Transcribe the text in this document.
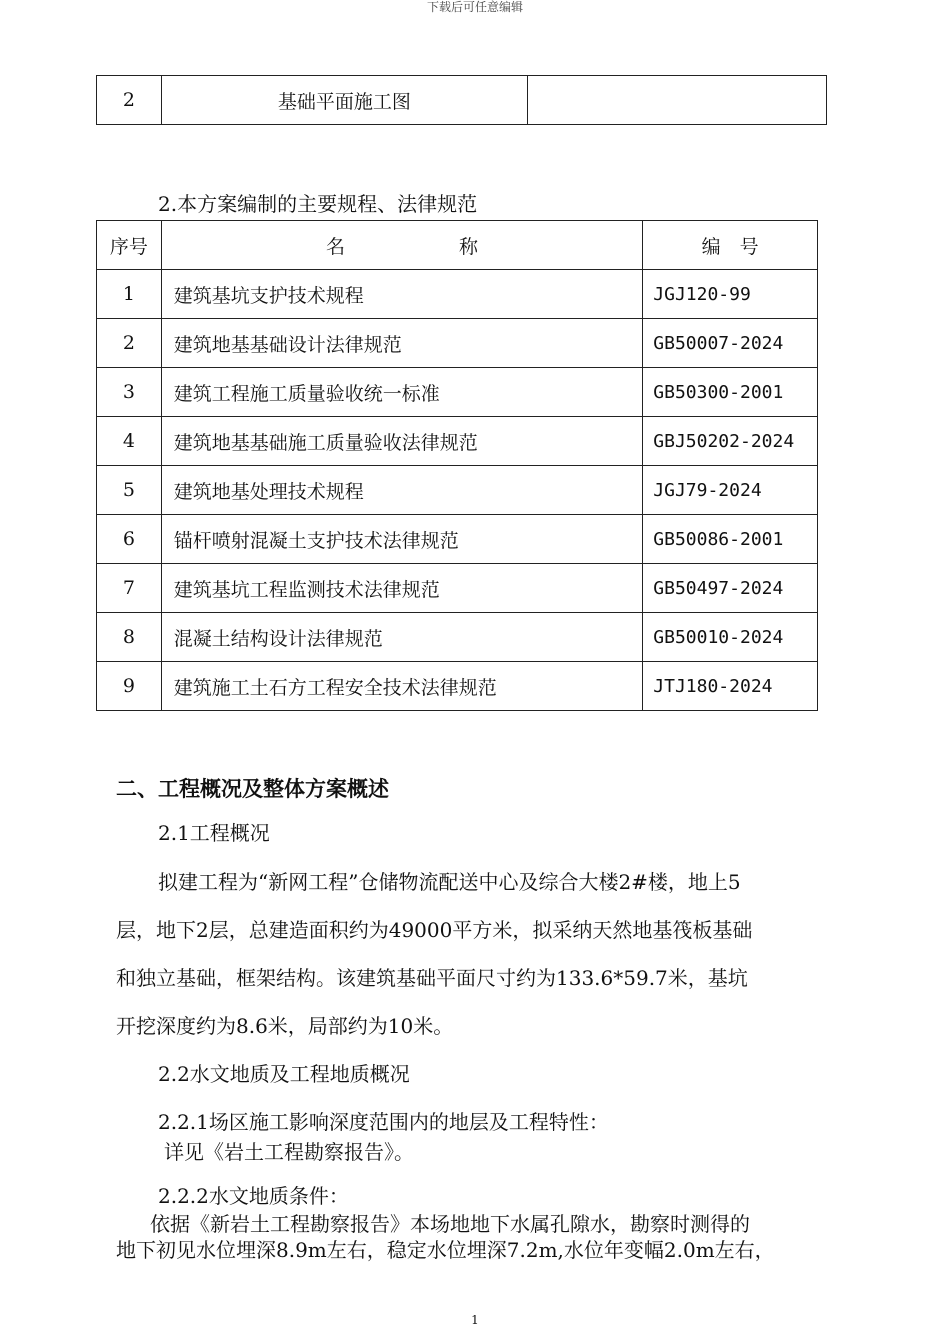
下载后可任意编辑
2	基础平面施工图	
2.本方案编制的主要规程、法律规范
序号	名　　　　　　称	编　号
1	建筑基坑支护技术规程	JGJ120-99
2	建筑地基基础设计法律规范	GB50007-2024
3	建筑工程施工质量验收统一标准	GB50300-2001
4	建筑地基基础施工质量验收法律规范	GBJ50202-2024
5	建筑地基处理技术规程	JGJ79-2024
6	锚杆喷射混凝土支护技术法律规范	GB50086-2001
7	建筑基坑工程监测技术法律规范	GB50497-2024
8	混凝土结构设计法律规范	GB50010-2024
9	建筑施工土石方工程安全技术法律规范	JTJ180-2024
二、工程概况及整体方案概述
2.1工程概况
拟建工程为“新网工程”仓储物流配送中心及综合大楼2#楼，地上5
层，地下2层，总建造面积约为49000平方米，拟采纳天然地基筏板基础
和独立基础，框架结构。该建筑基础平面尺寸约为133.6*59.7米，基坑
开挖深度约为8.6米，局部约为10米。
2.2水文地质及工程地质概况
2.2.1场区施工影响深度范围内的地层及工程特性：
详见《岩土工程勘察报告》。
2.2.2水文地质条件：
依据《新岩土工程勘察报告》本场地地下水属孔隙水，勘察时测得的
地下初见水位埋深8.9m左右，稳定水位埋深7.2m,水位年变幅2.0m左右，
1
